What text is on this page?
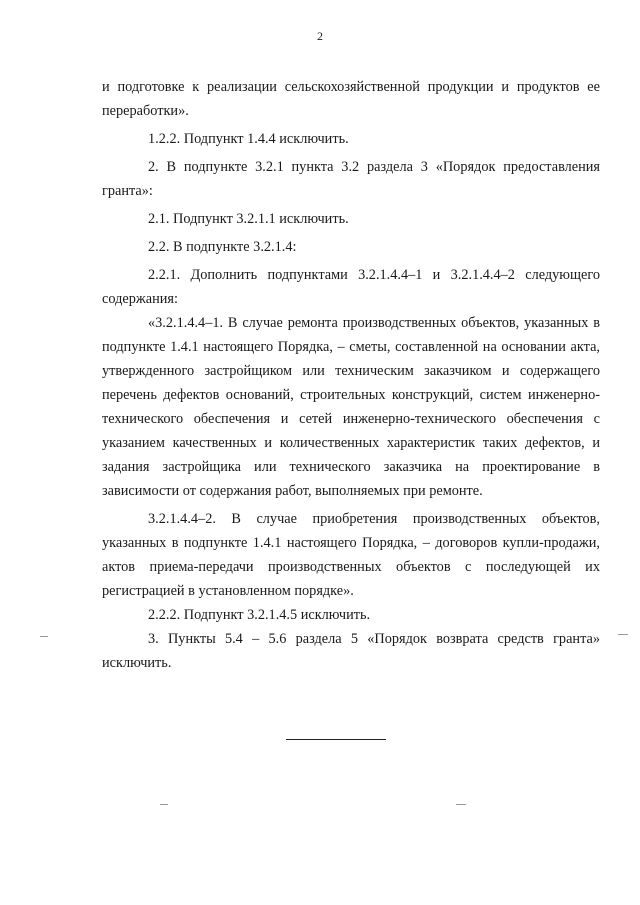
2

и подготовке к реализации сельскохозяйственной продукции и продуктов ее переработки».

1.2.2. Подпункт 1.4.4 исключить.

2. В подпункте 3.2.1 пункта 3.2 раздела 3 «Порядок предоставления гранта»:

2.1. Подпункт 3.2.1.1 исключить.

2.2. В подпункте 3.2.1.4:

2.2.1. Дополнить подпунктами 3.2.1.4.4–1 и 3.2.1.4.4–2 следующего содержания:

«3.2.1.4.4–1. В случае ремонта производственных объектов, указанных в подпункте 1.4.1 настоящего Порядка, – сметы, составленной на основании акта, утвержденного застройщиком или техническим заказчиком и содержащего перечень дефектов оснований, строительных конструкций, систем инженерно-технического обеспечения и сетей инженерно-технического обеспечения с указанием качественных и количественных характеристик таких дефектов, и задания застройщика или технического заказчика на проектирование в зависимости от содержания работ, выполняемых при ремонте.

3.2.1.4.4–2. В случае приобретения производственных объектов, указанных в подпункте 1.4.1 настоящего Порядка, – договоров купли-продажи, актов приема-передачи производственных объектов с последующей их регистрацией в установленном порядке».

2.2.2. Подпункт 3.2.1.4.5 исключить.

3. Пункты 5.4 – 5.6 раздела 5 «Порядок возврата средств гранта» исключить.
